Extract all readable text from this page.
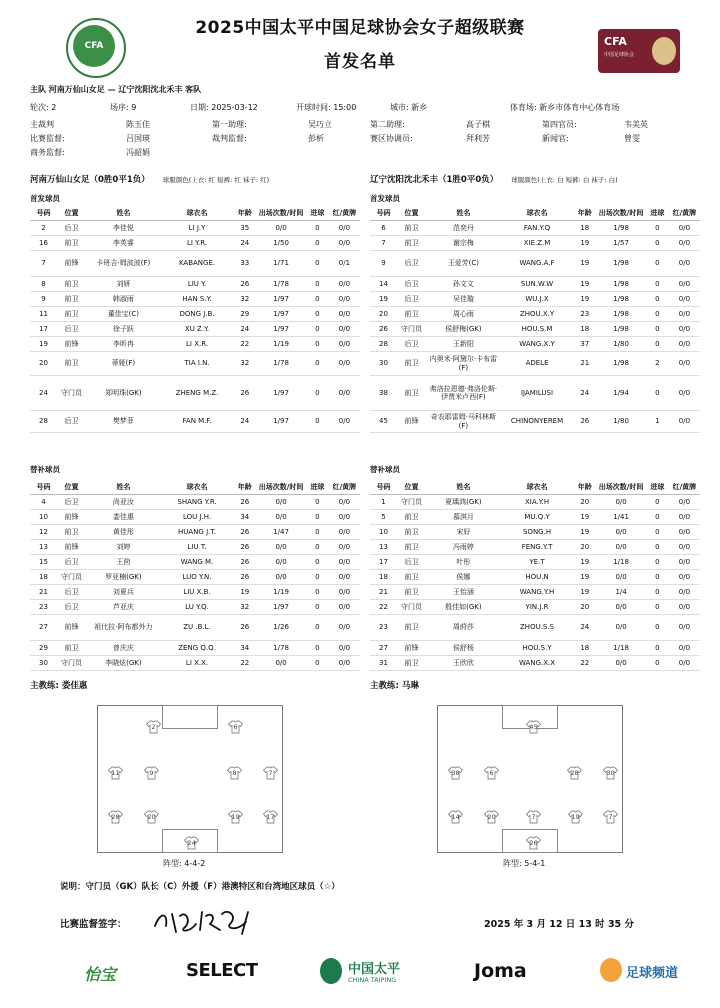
CFA
2025中国太平中国足球协会女子超级联赛
首发名单
CFA
中国足球协会
主队 河南万仙山女足 — 辽宁沈阳沈北禾丰 客队
轮次: 2	场序: 9	日期: 2025-03-12	开球时间: 15:00	城市: 新乡	体育场: 新乡市体育中心体育场
主裁判	陈玉佳	第一助理:	吴巧立	第二助理:	高子棋	第四官员:	韦美英
比赛监督:	吕国瑛	裁判监督:	彭析	赛区协调员:	拜利芳	新闻官:	曾雯
商务监督:	冯韶娟
河南万仙山女足（0胜0平1负） 球服颜色(上衣: 红 短裤: 红 袜子: 红)	辽宁沈阳沈北禾丰（1胜0平0负） 球服颜色(上衣: 白 短裤: 白 袜子: 白)
首发球员	首发球员
替补球员	替补球员
号码	位置	姓名	球衣名	年龄	出场次数/时间	进球	红/黄牌
2	后卫	李佳悦	LI J.Y	35	0/0	0	0/0
16	前卫	李英睿	LI Y.R.	24	1/50	0	0/0
7	前锋	卡班吉·姆波波(F)	KABANGE.	33	1/71	0	0/1
8	前卫	刘妍	LIU Y.	26	1/78	0	0/0
9	前卫	韩淑雨	HAN S.Y.	32	1/97	0	0/0
11	前卫	董佳宝(C)	DONG J.B.	29	1/97	0	0/0
17	后卫	徐子跃	XU Z.Y.	24	1/97	0	0/0
19	前锋	李昕冉	LI X.R.	22	1/19	0	0/0
20	前卫	蒂娅(F)	TIA I.N.	32	1/78	0	0/0
24	守门员	郑明珠(GK)	ZHENG M.Z.	26	1/97	0	0/0
28	后卫	樊梦菲	FAN M.F.	24	1/97	0	0/0
号码	位置	姓名	球衣名	年龄	出场次数/时间	进球	红/黄牌
6	前卫	范奕丹	FAN.Y.Q	18	1/98	0	0/0
7	前卫	谢宗梅	XIE.Z.M	19	1/57	0	0/0
9	后卫	王爱芳(C)	WANG.A.F	19	1/98	0	0/0
14	后卫	孙文文	SUN.W.W	19	1/98	0	0/0
19	后卫	吴佳璇	WU.J.X	19	1/98	0	0/0
20	前卫	周心雨	ZHOU.X.Y	23	1/98	0	0/0
26	守门员	侯舒梅(GK)	HOU.S.M	18	1/98	0	0/0
28	后卫	王新阳	WANG.X.Y	37	1/80	0	0/0
30	前卫	内奥米·阿黛尔·卡布雷(F)	ADELE	21	1/98	2	0/0
38	前卫	弗洛拉恩德·弗洛伦斯·伊贾米卢西(F)	IJAMILUSI	24	1/94	0	0/0
45	前锋	奇农耶雷姆·马科林斯(F)	CHINONYEREM	26	1/80	1	0/0
号码	位置	姓名	球衣名	年龄	出场次数/时间	进球	红/黄牌
4	后卫	尚亚汝	SHANG Y.R.	26	0/0	0	0/0
10	前锋	娄佳惠	LOU J.H.	34	0/0	0	0/0
12	前卫	黄佳彤	HUANG J.T.	26	1/47	0	0/0
13	前锋	刘婷	LIU T.	26	0/0	0	0/0
15	后卫	王茴	WANG M.	26	0/0	0	0/0
18	守门员	罗亚楠(GK)	LUO Y.N.	26	0/0	0	0/0
21	后卫	刘夏兵	LIU X.B.	19	1/19	0	0/0
23	后卫	芦亚庆	LU Y.Q.	32	1/97	0	0/0
27	前锋	祖比拉·阿布都外力	ZU .B.L.	26	1/26	0	0/0
29	前卫	曾庆庆	ZENG Q.Q.	34	1/78	0	0/0
30	守门员	李晓炫(GK)	LI X.X.	22	0/0	0	0/0
号码	位置	姓名	球衣名	年龄	出场次数/时间	进球	红/黄牌
1	守门员	夏瑀鸿(GK)	XIA.Y.H	20	0/0	0	0/0
5	前卫	慕淇月	MU.Q.Y	19	1/41	0	0/0
10	前卫	宋好	SONG.H	19	0/0	0	0/0
13	前卫	冯雨婷	FENG.Y.T	20	0/0	0	0/0
17	后卫	叶彤	YE.T	19	1/18	0	0/0
18	前卫	侯娜	HOU.N	19	0/0	0	0/0
21	前卫	王怡涵	WANG.Y.H	19	1/4	0	0/0
22	守门员	殷佳如(GK)	YIN.J.R	20	0/0	0	0/0
23	前卫	周莳莎	ZHOU.S.S	24	0/0	0	0/0
27	前锋	侯舒杨	HOU.S.Y	18	1/18	0	0/0
31	前卫	王欣欣	WANG.X.X	22	0/0	0	0/0
主教练: 娄佳惠	主教练: 马琳
2	6
11	9	8	7
28	20	19	17
24
阵型: 4-4-2
45
38	6	28	30
14	20	7	19	7
26
阵型: 5-4-1
说明：守门员（GK）队长（C）外援（F）港澳特区和台湾地区球员（☆）
比赛监督签字：	2025 年 3 月 12 日 13 时 35 分
怡宝	SELECT	中国太平
CHINA TAIPING	Joma	足球频道
